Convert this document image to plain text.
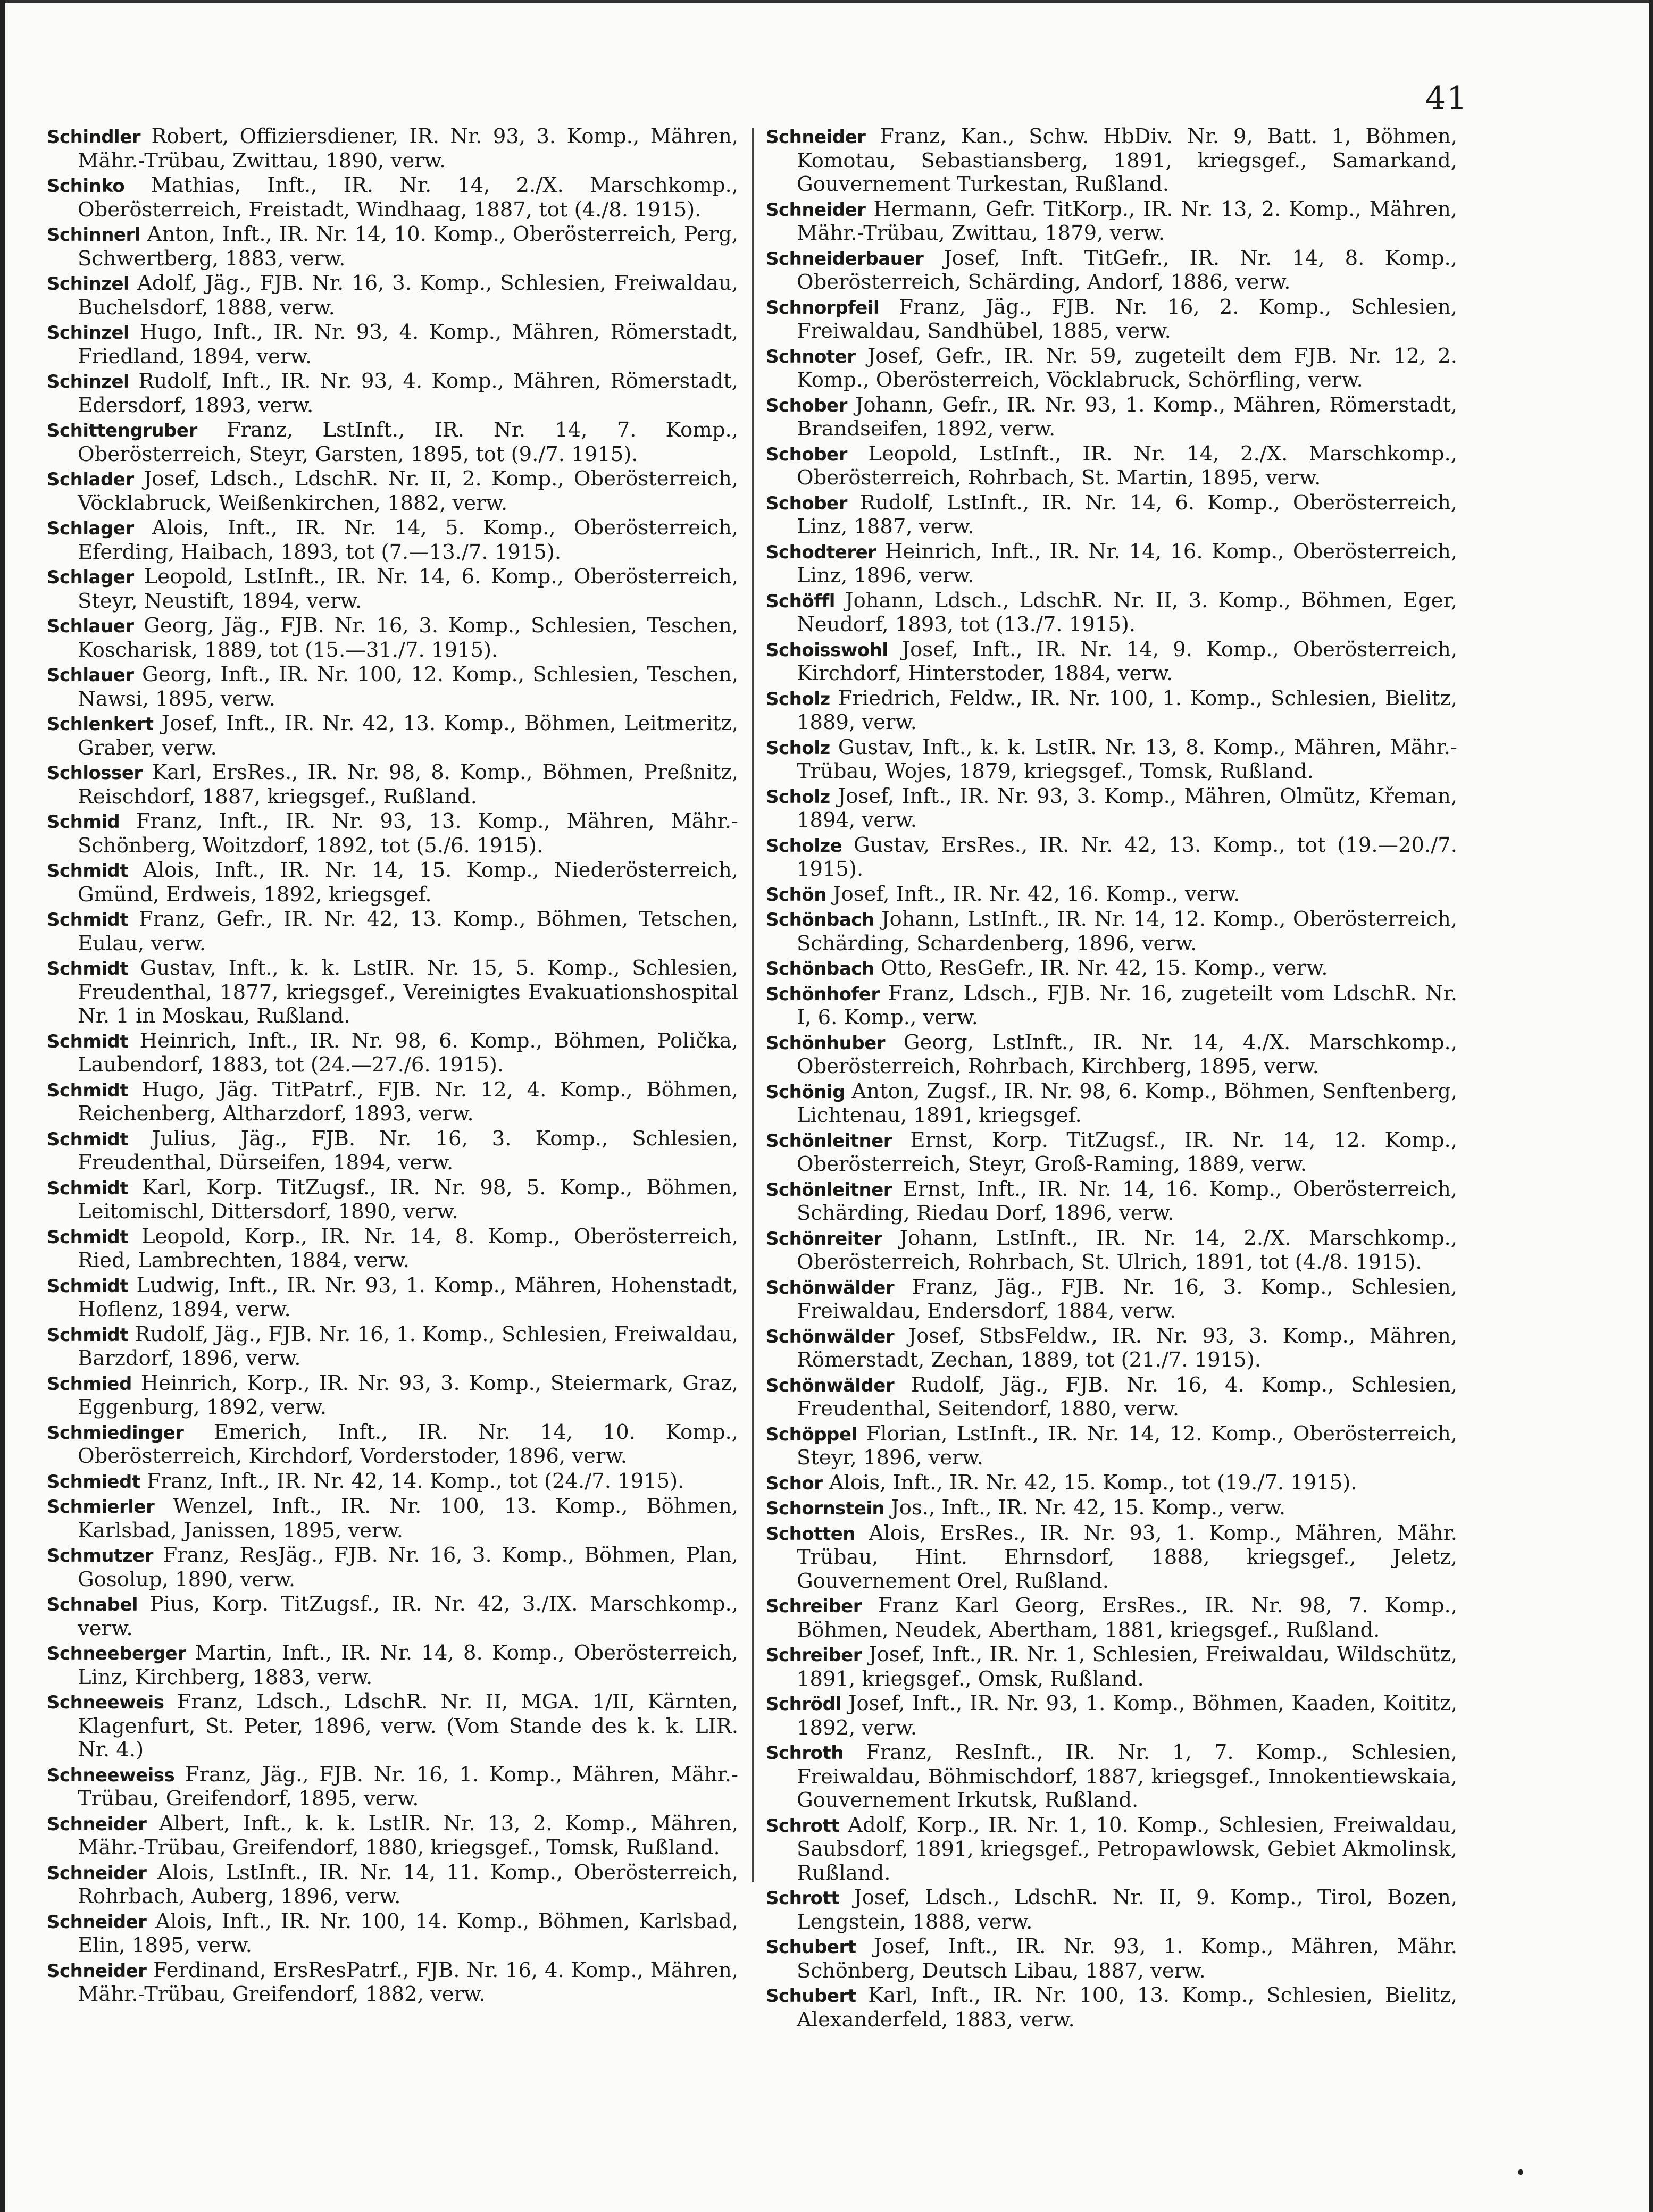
41

Schindler Robert, Offiziersdiener, IR. Nr. 93, 3. Komp., Mähren, Mähr.-Trübau, Zwittau, 1890, verw.

Schinko Mathias, Inft., IR. Nr. 14, 2./X. Marschkomp., Oberösterreich, Freistadt, Windhaag, 1887, tot (4./8. 1915).

Schinnerl Anton, Inft., IR. Nr. 14, 10. Komp., Oberösterreich, Perg, Schwertberg, 1883, verw.

Schinzel Adolf, Jäg., FJB. Nr. 16, 3. Komp., Schlesien, Freiwaldau, Buchelsdorf, 1888, verw.

Schinzel Hugo, Inft., IR. Nr. 93, 4. Komp., Mähren, Römerstadt, Friedland, 1894, verw.

Schinzel Rudolf, Inft., IR. Nr. 93, 4. Komp., Mähren, Römerstadt, Edersdorf, 1893, verw.

Schittengruber Franz, LstInft., IR. Nr. 14, 7. Komp., Oberösterreich, Steyr, Garsten, 1895, tot (9./7. 1915).

Schlader Josef, Ldsch., LdschR. Nr. II, 2. Komp., Oberösterreich, Vöcklabruck, Weißenkirchen, 1882, verw.

Schlager Alois, Inft., IR. Nr. 14, 5. Komp., Oberösterreich, Eferding, Haibach, 1893, tot (7.—13./7. 1915).

Schlager Leopold, LstInft., IR. Nr. 14, 6. Komp., Oberösterreich, Steyr, Neustift, 1894, verw.

Schlauer Georg, Jäg., FJB. Nr. 16, 3. Komp., Schlesien, Teschen, Koscharisk, 1889, tot (15.—31./7. 1915).

Schlauer Georg, Inft., IR. Nr. 100, 12. Komp., Schlesien, Teschen, Nawsi, 1895, verw.

Schlenkert Josef, Inft., IR. Nr. 42, 13. Komp., Böhmen, Leitmeritz, Graber, verw.

Schlosser Karl, ErsRes., IR. Nr. 98, 8. Komp., Böhmen, Preßnitz, Reischdorf, 1887, kriegsgef., Rußland.

Schmid Franz, Inft., IR. Nr. 93, 13. Komp., Mähren, Mähr.-Schönberg, Woitzdorf, 1892, tot (5./6. 1915).

Schmidt Alois, Inft., IR. Nr. 14, 15. Komp., Niederösterreich, Gmünd, Erdweis, 1892, kriegsgef.

Schmidt Franz, Gefr., IR. Nr. 42, 13. Komp., Böhmen, Tetschen, Eulau, verw.

Schmidt Gustav, Inft., k. k. LstIR. Nr. 15, 5. Komp., Schlesien, Freudenthal, 1877, kriegsgef., Vereinigtes Evakuationshospital Nr. 1 in Moskau, Rußland.

Schmidt Heinrich, Inft., IR. Nr. 98, 6. Komp., Böhmen, Polička, Laubendorf, 1883, tot (24.—27./6. 1915).

Schmidt Hugo, Jäg. TitPatrf., FJB. Nr. 12, 4. Komp., Böhmen, Reichenberg, Altharzdorf, 1893, verw.

Schmidt Julius, Jäg., FJB. Nr. 16, 3. Komp., Schlesien, Freudenthal, Dürseifen, 1894, verw.

Schmidt Karl, Korp. TitZugsf., IR. Nr. 98, 5. Komp., Böhmen, Leitomischl, Dittersdorf, 1890, verw.

Schmidt Leopold, Korp., IR. Nr. 14, 8. Komp., Oberösterreich, Ried, Lambrechten, 1884, verw.

Schmidt Ludwig, Inft., IR. Nr. 93, 1. Komp., Mähren, Hohenstadt, Hoflenz, 1894, verw.

Schmidt Rudolf, Jäg., FJB. Nr. 16, 1. Komp., Schlesien, Freiwaldau, Barzdorf, 1896, verw.

Schmied Heinrich, Korp., IR. Nr. 93, 3. Komp., Steiermark, Graz, Eggenburg, 1892, verw.

Schmiedinger Emerich, Inft., IR. Nr. 14, 10. Komp., Oberösterreich, Kirchdorf, Vorderstoder, 1896, verw.

Schmiedt Franz, Inft., IR. Nr. 42, 14. Komp., tot (24./7. 1915).

Schmierler Wenzel, Inft., IR. Nr. 100, 13. Komp., Böhmen, Karlsbad, Janissen, 1895, verw.

Schmutzer Franz, ResJäg., FJB. Nr. 16, 3. Komp., Böhmen, Plan, Gosolup, 1890, verw.

Schnabel Pius, Korp. TitZugsf., IR. Nr. 42, 3./IX. Marschkomp., verw.

Schneeberger Martin, Inft., IR. Nr. 14, 8. Komp., Oberösterreich, Linz, Kirchberg, 1883, verw.

Schneeweis Franz, Ldsch., LdschR. Nr. II, MGA. 1/II, Kärnten, Klagenfurt, St. Peter, 1896, verw. (Vom Stande des k. k. LIR. Nr. 4.)

Schneeweiss Franz, Jäg., FJB. Nr. 16, 1. Komp., Mähren, Mähr.-Trübau, Greifendorf, 1895, verw.

Schneider Albert, Inft., k. k. LstIR. Nr. 13, 2. Komp., Mähren, Mähr.-Trübau, Greifendorf, 1880, kriegsgef., Tomsk, Rußland.

Schneider Alois, LstInft., IR. Nr. 14, 11. Komp., Oberösterreich, Rohrbach, Auberg, 1896, verw.

Schneider Alois, Inft., IR. Nr. 100, 14. Komp., Böhmen, Karlsbad, Elin, 1895, verw.

Schneider Ferdinand, ErsResPatrf., FJB. Nr. 16, 4. Komp., Mähren, Mähr.-Trübau, Greifendorf, 1882, verw.

Schneider Franz, Kan., Schw. HbDiv. Nr. 9, Batt. 1, Böhmen, Komotau, Sebastiansberg, 1891, kriegsgef., Samarkand, Gouvernement Turkestan, Rußland.

Schneider Hermann, Gefr. TitKorp., IR. Nr. 13, 2. Komp., Mähren, Mähr.-Trübau, Zwittau, 1879, verw.

Schneiderbauer Josef, Inft. TitGefr., IR. Nr. 14, 8. Komp., Oberösterreich, Schärding, Andorf, 1886, verw.

Schnorpfeil Franz, Jäg., FJB. Nr. 16, 2. Komp., Schlesien, Freiwaldau, Sandhübel, 1885, verw.

Schnoter Josef, Gefr., IR. Nr. 59, zugeteilt dem FJB. Nr. 12, 2. Komp., Oberösterreich, Vöcklabruck, Schörfling, verw.

Schober Johann, Gefr., IR. Nr. 93, 1. Komp., Mähren, Römerstadt, Brandseifen, 1892, verw.

Schober Leopold, LstInft., IR. Nr. 14, 2./X. Marschkomp., Oberösterreich, Rohrbach, St. Martin, 1895, verw.

Schober Rudolf, LstInft., IR. Nr. 14, 6. Komp., Oberösterreich, Linz, 1887, verw.

Schodterer Heinrich, Inft., IR. Nr. 14, 16. Komp., Oberösterreich, Linz, 1896, verw.

Schöffl Johann, Ldsch., LdschR. Nr. II, 3. Komp., Böhmen, Eger, Neudorf, 1893, tot (13./7. 1915).

Schoisswohl Josef, Inft., IR. Nr. 14, 9. Komp., Oberösterreich, Kirchdorf, Hinterstoder, 1884, verw.

Scholz Friedrich, Feldw., IR. Nr. 100, 1. Komp., Schlesien, Bielitz, 1889, verw.

Scholz Gustav, Inft., k. k. LstIR. Nr. 13, 8. Komp., Mähren, Mähr.-Trübau, Wojes, 1879, kriegsgef., Tomsk, Rußland.

Scholz Josef, Inft., IR. Nr. 93, 3. Komp., Mähren, Olmütz, Křeman, 1894, verw.

Scholze Gustav, ErsRes., IR. Nr. 42, 13. Komp., tot (19.—20./7. 1915).

Schön Josef, Inft., IR. Nr. 42, 16. Komp., verw.

Schönbach Johann, LstInft., IR. Nr. 14, 12. Komp., Oberösterreich, Schärding, Schardenberg, 1896, verw.

Schönbach Otto, ResGefr., IR. Nr. 42, 15. Komp., verw.

Schönhofer Franz, Ldsch., FJB. Nr. 16, zugeteilt vom LdschR. Nr. I, 6. Komp., verw.

Schönhuber Georg, LstInft., IR. Nr. 14, 4./X. Marschkomp., Oberösterreich, Rohrbach, Kirchberg, 1895, verw.

Schönig Anton, Zugsf., IR. Nr. 98, 6. Komp., Böhmen, Senftenberg, Lichtenau, 1891, kriegsgef.

Schönleitner Ernst, Korp. TitZugsf., IR. Nr. 14, 12. Komp., Oberösterreich, Steyr, Groß-Raming, 1889, verw.

Schönleitner Ernst, Inft., IR. Nr. 14, 16. Komp., Oberösterreich, Schärding, Riedau Dorf, 1896, verw.

Schönreiter Johann, LstInft., IR. Nr. 14, 2./X. Marschkomp., Oberösterreich, Rohrbach, St. Ulrich, 1891, tot (4./8. 1915).

Schönwälder Franz, Jäg., FJB. Nr. 16, 3. Komp., Schlesien, Freiwaldau, Endersdorf, 1884, verw.

Schönwälder Josef, StbsFeldw., IR. Nr. 93, 3. Komp., Mähren, Römerstadt, Zechan, 1889, tot (21./7. 1915).

Schönwälder Rudolf, Jäg., FJB. Nr. 16, 4. Komp., Schlesien, Freudenthal, Seitendorf, 1880, verw.

Schöppel Florian, LstInft., IR. Nr. 14, 12. Komp., Oberösterreich, Steyr, 1896, verw.

Schor Alois, Inft., IR. Nr. 42, 15. Komp., tot (19./7. 1915).

Schornstein Jos., Inft., IR. Nr. 42, 15. Komp., verw.

Schotten Alois, ErsRes., IR. Nr. 93, 1. Komp., Mähren, Mähr. Trübau, Hint. Ehrnsdorf, 1888, kriegsgef., Jeletz, Gouvernement Orel, Rußland.

Schreiber Franz Karl Georg, ErsRes., IR. Nr. 98, 7. Komp., Böhmen, Neudek, Abertham, 1881, kriegsgef., Rußland.

Schreiber Josef, Inft., IR. Nr. 1, Schlesien, Freiwaldau, Wildschütz, 1891, kriegsgef., Omsk, Rußland.

Schrödl Josef, Inft., IR. Nr. 93, 1. Komp., Böhmen, Kaaden, Koititz, 1892, verw.

Schroth Franz, ResInft., IR. Nr. 1, 7. Komp., Schlesien, Freiwaldau, Böhmischdorf, 1887, kriegsgef., Innokentiewskaia, Gouvernement Irkutsk, Rußland.

Schrott Adolf, Korp., IR. Nr. 1, 10. Komp., Schlesien, Freiwaldau, Saubsdorf, 1891, kriegsgef., Petropawlowsk, Gebiet Akmolinsk, Rußland.

Schrott Josef, Ldsch., LdschR. Nr. II, 9. Komp., Tirol, Bozen, Lengstein, 1888, verw.

Schubert Josef, Inft., IR. Nr. 93, 1. Komp., Mähren, Mähr. Schönberg, Deutsch Libau, 1887, verw.

Schubert Karl, Inft., IR. Nr. 100, 13. Komp., Schlesien, Bielitz, Alexanderfeld, 1883, verw.
